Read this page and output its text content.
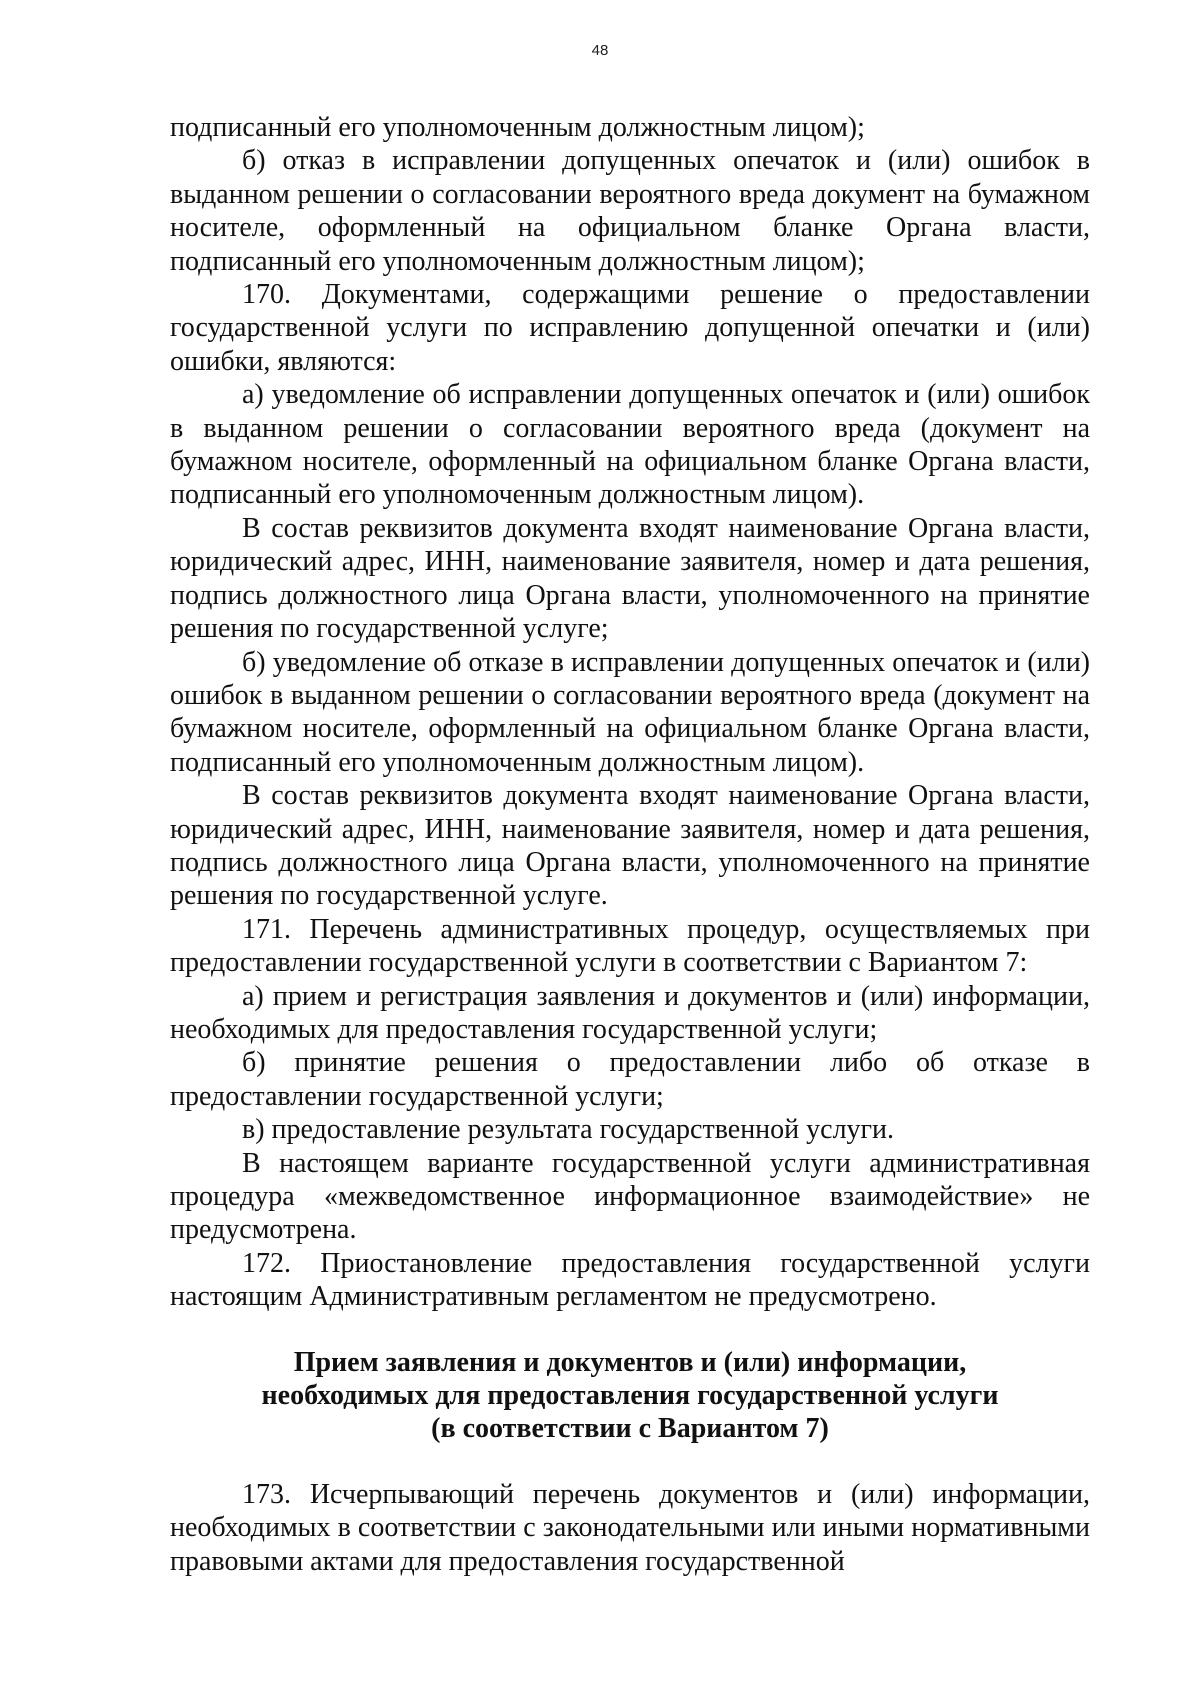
48

подписанный его уполномоченным должностным лицом);

б) отказ в исправлении допущенных опечаток и (или) ошибок в выданном решении о согласовании вероятного вреда документ на бумажном носителе, оформленный на официальном бланке Органа власти, подписанный его уполномоченным должностным лицом);

170. Документами, содержащими решение о предоставлении государственной услуги по исправлению допущенной опечатки и (или) ошибки, являются:

а) уведомление об исправлении допущенных опечаток и (или) ошибок в выданном решении о согласовании вероятного вреда (документ на бумажном носителе, оформленный на официальном бланке Органа власти, подписанный его уполномоченным должностным лицом).

В состав реквизитов документа входят наименование Органа власти, юридический адрес, ИНН, наименование заявителя, номер и дата решения, подпись должностного лица Органа власти, уполномоченного на принятие решения по государственной услуге;

б) уведомление об отказе в исправлении допущенных опечаток и (или) ошибок в выданном решении о согласовании вероятного вреда (документ на бумажном носителе, оформленный на официальном бланке Органа власти, подписанный его уполномоченным должностным лицом).

В состав реквизитов документа входят наименование Органа власти, юридический адрес, ИНН, наименование заявителя, номер и дата решения, подпись должностного лица Органа власти, уполномоченного на принятие решения по государственной услуге.

171. Перечень административных процедур, осуществляемых при предоставлении государственной услуги в соответствии с Вариантом 7:

а) прием и регистрация заявления и документов и (или) информации, необходимых для предоставления государственной услуги;

б) принятие решения о предоставлении либо об отказе в предоставлении государственной услуги;

в) предоставление результата государственной услуги.

В настоящем варианте государственной услуги административная процедура «межведомственное информационное взаимодействие» не предусмотрена.

172. Приостановление предоставления государственной услуги настоящим Административным регламентом не предусмотрено.

Прием заявления и документов и (или) информации,
необходимых для предоставления государственной услуги
(в соответствии с Вариантом 7)

173. Исчерпывающий перечень документов и (или) информации, необходимых в соответствии с законодательными или иными нормативными правовыми актами для предоставления государственной
